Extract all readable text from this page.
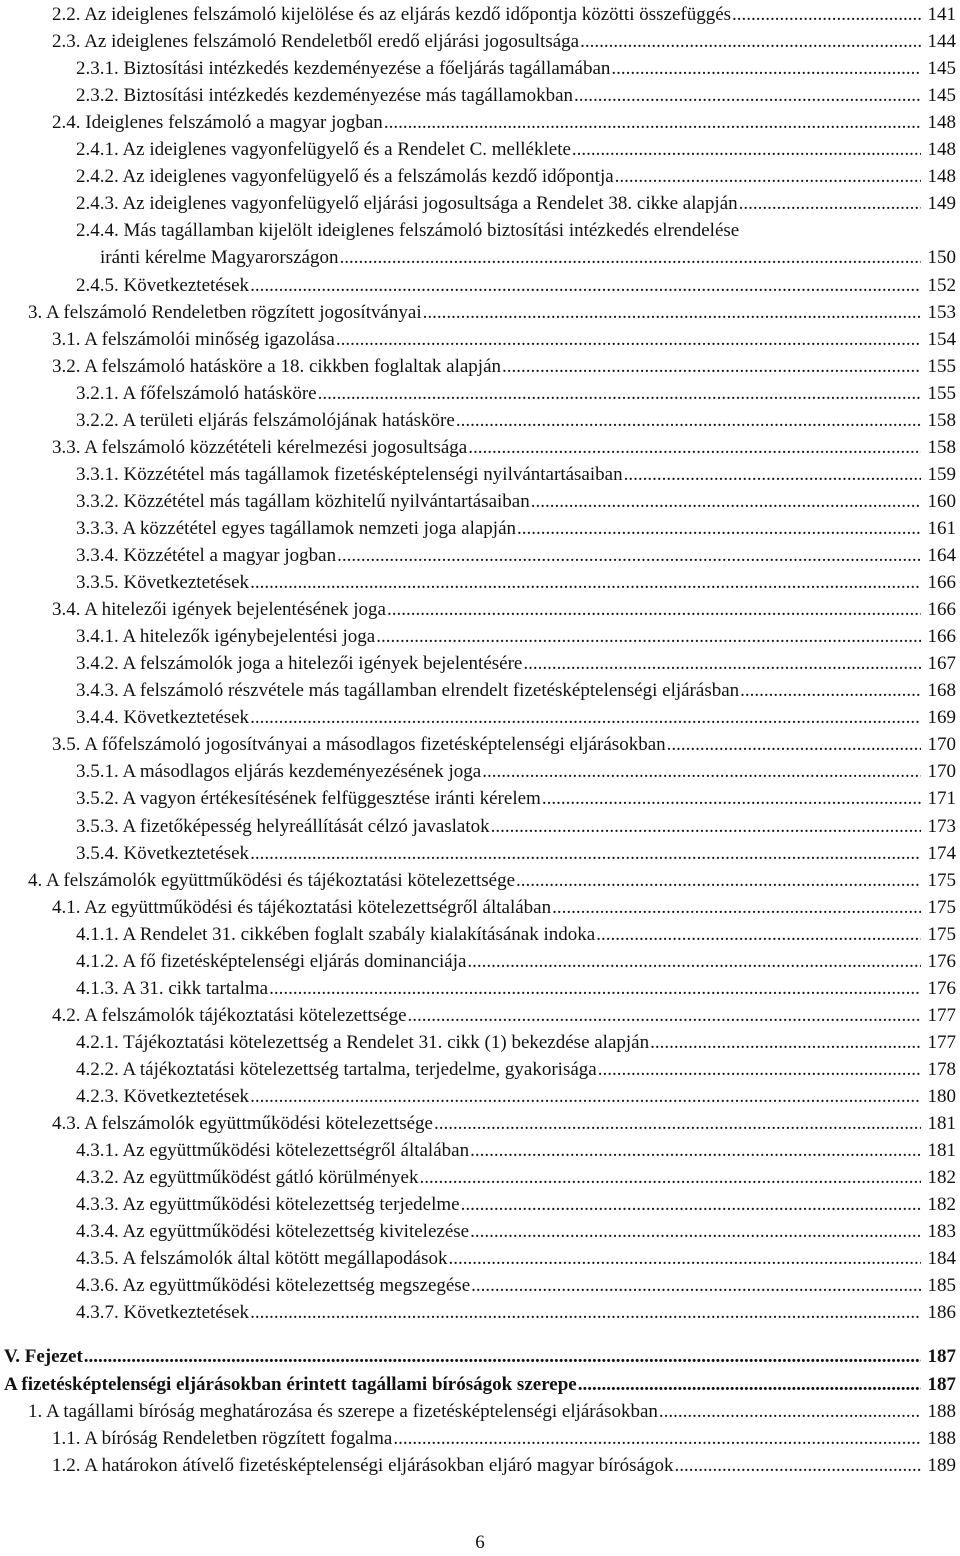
2.2. Az ideiglenes felszámoló kijelölése és az eljárás kezdő időpontja közötti összefüggés .....	141
2.3. Az ideiglenes felszámoló Rendeletből eredő eljárási jogosultsága .....	144
2.3.1. Biztosítási intézkedés kezdeményezése a főeljárás tagállamában .....	145
2.3.2. Biztosítási intézkedés kezdeményezése más tagállamokban .....	145
2.4. Ideiglenes felszámoló a magyar jogban .....	148
2.4.1. Az ideiglenes vagyonfelügyelő és a Rendelet C. melléklete .....	148
2.4.2. Az ideiglenes vagyonfelügyelő és a felszámolás kezdő időpontja .....	148
2.4.3. Az ideiglenes vagyonfelügyelő eljárási jogosultsága a Rendelet 38. cikke alapján .....	149
2.4.4. Más tagállamban kijelölt ideiglenes felszámoló biztosítási intézkedés elrendelése
iránti kérelme Magyarországon .....	150
2.4.5. Következtetések .....	152
3. A felszámoló Rendeletben rögzített jogosítványai .....	153
3.1. A felszámolói minőség igazolása .....	154
3.2. A felszámoló hatásköre a 18. cikkben foglaltak alapján .....	155
3.2.1. A főfelszámoló hatásköre .....	155
3.2.2. A területi eljárás felszámolójának hatásköre .....	158
3.3. A felszámoló közzétételi kérelmezési jogosultsága .....	158
3.3.1. Közzététel más tagállamok fizetésképtelenségi nyilvántartásaiban .....	159
3.3.2. Közzététel más tagállam közhitelű nyilvántartásaiban .....	160
3.3.3. A közzététel egyes tagállamok nemzeti joga alapján .....	161
3.3.4. Közzététel a magyar jogban .....	164
3.3.5. Következtetések .....	166
3.4. A hitelezői igények bejelentésének joga .....	166
3.4.1. A hitelezők igénybejelentési joga .....	166
3.4.2. A felszámolók joga a hitelezői igények bejelentésére .....	167
3.4.3. A felszámoló részvétele más tagállamban elrendelt fizetésképtelenségi eljárásban .....	168
3.4.4. Következtetések .....	169
3.5. A főfelszámoló jogosítványai a másodlagos fizetésképtelenségi eljárásokban .....	170
3.5.1. A másodlagos eljárás kezdeményezésének joga .....	170
3.5.2. A vagyon értékesítésének felfüggesztése iránti kérelem .....	171
3.5.3. A fizetőképesség helyreállítását célzó javaslatok .....	173
3.5.4. Következtetések .....	174
4. A felszámolók együttműködési és tájékoztatási kötelezettsége .....	175
4.1. Az együttműködési és tájékoztatási kötelezettségről általában .....	175
4.1.1. A Rendelet 31. cikkében foglalt szabály kialakításának indoka .....	175
4.1.2. A fő fizetésképtelenségi eljárás dominanciája .....	176
4.1.3. A 31. cikk tartalma .....	176
4.2. A felszámolók tájékoztatási kötelezettsége .....	177
4.2.1. Tájékoztatási kötelezettség a Rendelet 31. cikk (1) bekezdése alapján .....	177
4.2.2. A tájékoztatási kötelezettség tartalma, terjedelme, gyakorisága .....	178
4.2.3. Következtetések .....	180
4.3. A felszámolók együttműködési kötelezettsége .....	181
4.3.1. Az együttműködési kötelezettségről általában .....	181
4.3.2. Az együttműködést gátló körülmények .....	182
4.3.3. Az együttműködési kötelezettség terjedelme .....	182
4.3.4. Az együttműködési kötelezettség kivitelezése .....	183
4.3.5. A felszámolók által kötött megállapodások .....	184
4.3.6. Az együttműködési kötelezettség megszegése .....	185
4.3.7. Következtetések .....	186
V. Fejezet .....	187
A fizetésképtelenségi eljárásokban érintett tagállami bíróságok szerepe .....	187
1. A tagállami bíróság meghatározása és szerepe a fizetésképtelenségi eljárásokban .....	188
1.1. A bíróság Rendeletben rögzített fogalma .....	188
1.2. A határokon átívelő fizetésképtelenségi eljárásokban eljáró magyar bíróságok .....	189
6
